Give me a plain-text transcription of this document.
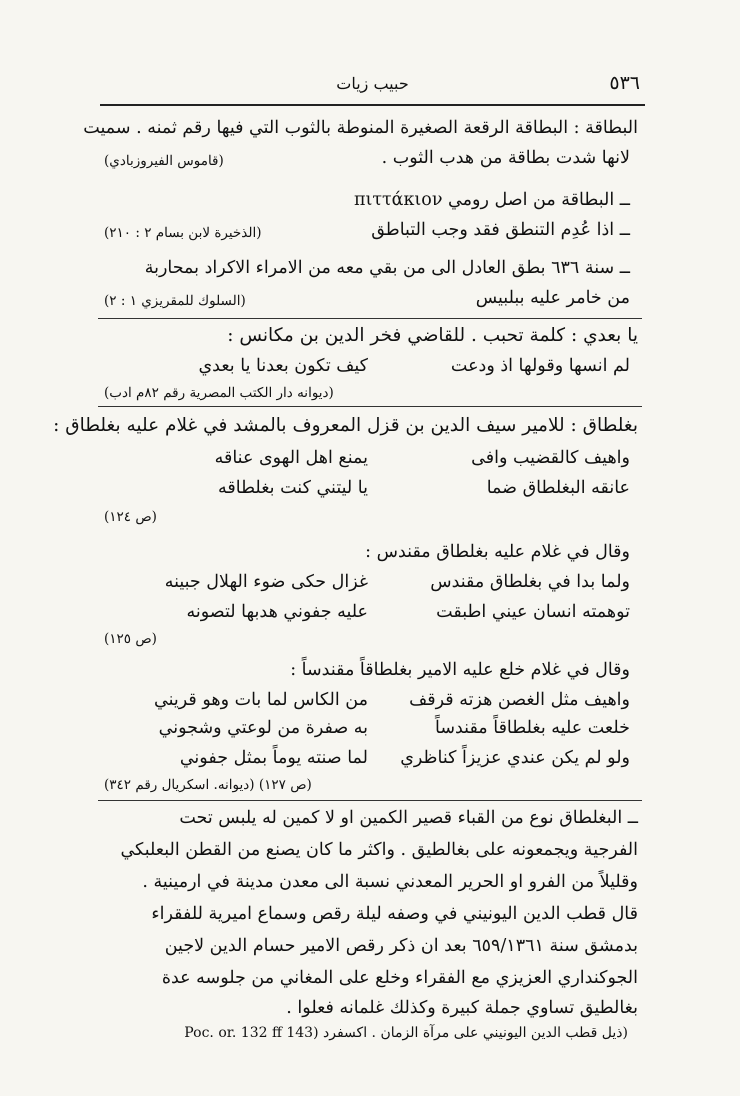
٥٣٦
حبيب زيات
البطاقة : البطاقة الرقعة الصغيرة المنوطة بالثوب التي فيها رقم ثمنه . سميت
لانها شدت بطاقة من هدب الثوب .
(قاموس الفيروزبادي)
ــ البطاقة من اصل رومي πιττάκιον
ــ اذا عُدِم التنطق فقد وجب التباطق
(الذخيرة لابن بسام ٢ : ٢١٠)
ــ سنة ٦٣٦ بطق العادل الى من بقي معه من الامراء الاكراد بمحاربة
من خامر عليه ببلبيس
(السلوك للمقريزي ١ : ٢)
يا بعدي : كلمة تحبب . للقاضي فخر الدين بن مكانس :
لم انسها وقولها اذ ودعت
كيف تكون بعدنا يا بعدي
(ديوانه دار الكتب المصرية رقم ٨٢م ادب)
بغلطاق : للامير سيف الدين بن قزل المعروف بالمشد في غلام عليه بغلطاق :
واهيف كالقضيب وافى
يمنع اهل الهوى عناقه
عانقه البغلطاق ضما
يا ليتني كنت بغلطاقه
(ص ١٢٤)
وقال في غلام عليه بغلطاق مقندس :
ولما بدا في بغلطاق مقندس
غزال حكى ضوء الهلال جبينه
توهمته انسان عيني اطبقت
عليه جفوني هدبها لتصونه
(ص ١٢٥)
وقال في غلام خلع عليه الامير بغلطاقاً مقندساً :
واهيف مثل الغصن هزته قرقف
من الكاس لما بات وهو قريني
خلعت عليه بغلطاقاً مقندساً
به صفرة من لوعتي وشجوني
ولو لم يكن عندي عزيزاً كناظري
لما صنته يوماً بمثل جفوني
(ص ١٢٧) (ديوانه. اسكريال رقم ٣٤٢)
ــ البغلطاق نوع من القباء قصير الكمين او لا كمين له يلبس تحت
الفرجية ويجمعونه على بغالطيق . واكثر ما كان يصنع من القطن البعلبكي
وقليلاً من الفرو او الحرير المعدني نسبة الى معدن مدينة في ارمينية .
قال قطب الدين اليونيني في وصفه ليلة رقص وسماع اميرية للفقراء
بدمشق سنة ٦٥٩/١٣٦١ بعد ان ذكر رقص الامير حسام الدين لاجين
الجوكنداري العزيزي مع الفقراء وخلع على المغاني من جلوسه عدة
بغالطيق تساوي جملة كبيرة وكذلك غلمانه فعلوا .
(ذيل قطب الدين اليونيني على مرآة الزمان . اكسفرد Poc. or. 132 ff 143)
